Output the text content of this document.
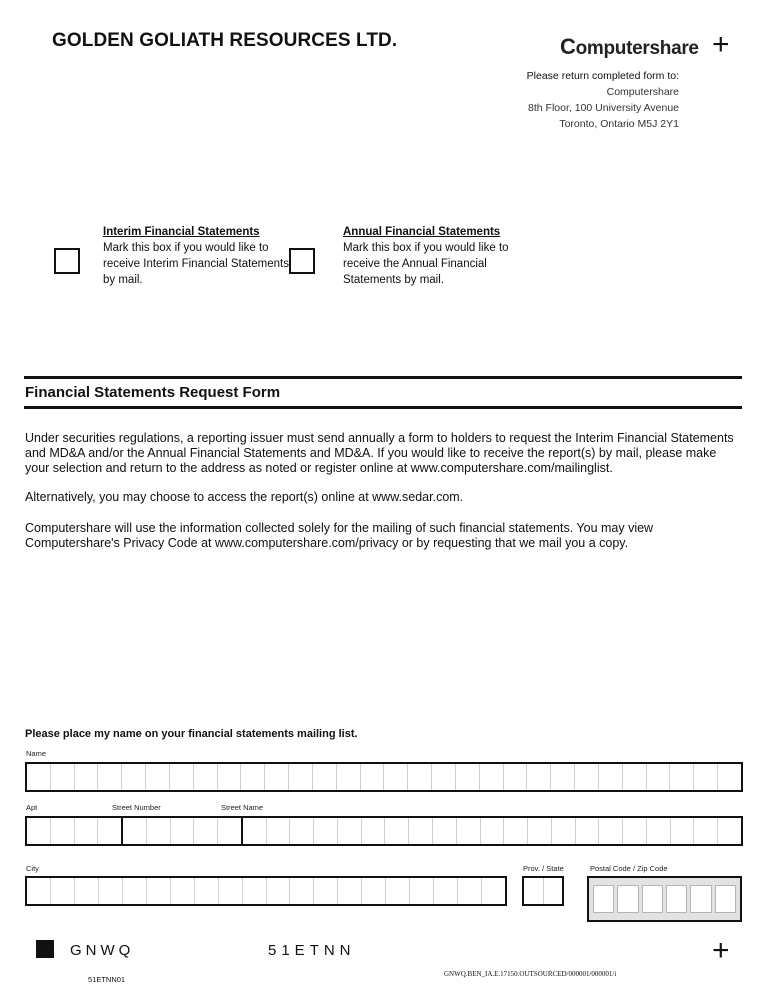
GOLDEN GOLIATH RESOURCES LTD.	Computershare +
Please return completed form to:
Computershare
8th Floor, 100 University Avenue
Toronto, Ontario M5J 2Y1
Interim Financial Statements
Mark this box if you would like to receive Interim Financial Statements by mail.
Annual Financial Statements
Mark this box if you would like to receive the Annual Financial Statements by mail.
Financial Statements Request Form
Under securities regulations, a reporting issuer must send annually a form to holders to request the Interim Financial Statements and MD&A and/or the Annual Financial Statements and MD&A. If you would like to receive the report(s) by mail, please make your selection and return to the address as noted or register online at www.computershare.com/mailinglist.
Alternatively, you may choose to access the report(s) online at www.sedar.com.
Computershare will use the information collected solely for the mailing of such financial statements. You may view Computershare's Privacy Code at www.computershare.com/privacy or by requesting that we mail you a copy.
Please place my name on your financial statements mailing list.
Name
Apt	Street Number	Street Name
City	Prov. / State	Postal Code / Zip Code
GNWQ	51ETNN
51ETNN01
GNWQ.BEN_IA.E.17150.OUTSOURCED/000001/000001/i
+
